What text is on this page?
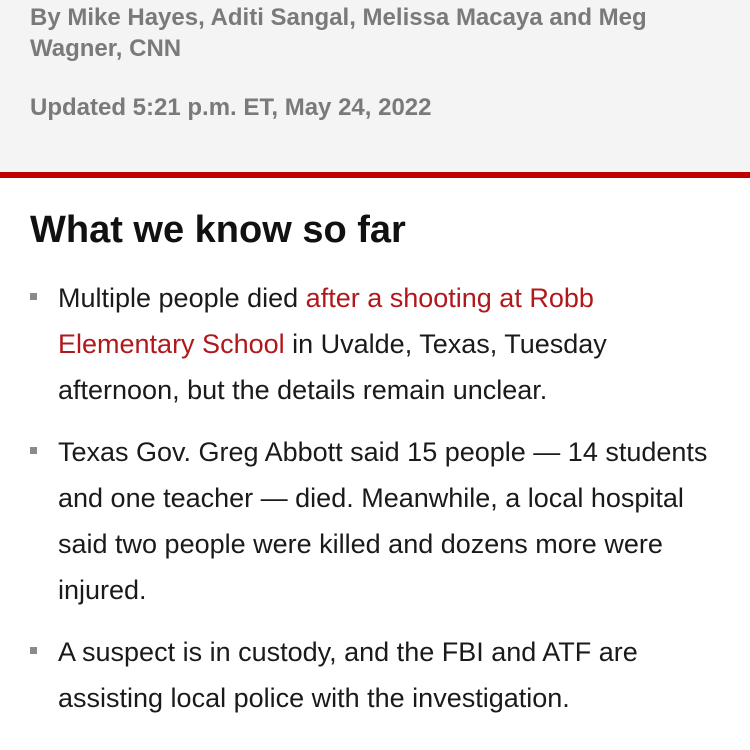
By Mike Hayes, Aditi Sangal, Melissa Macaya and Meg Wagner, CNN

Updated 5:21 p.m. ET, May 24, 2022

What we know so far
Multiple people died after a shooting at Robb Elementary School in Uvalde, Texas, Tuesday afternoon, but the details remain unclear.
Texas Gov. Greg Abbott said 15 people — 14 students and one teacher — died. Meanwhile, a local hospital said two people were killed and dozens more were injured.
A suspect is in custody, and the FBI and ATF are assisting local police with the investigation.
